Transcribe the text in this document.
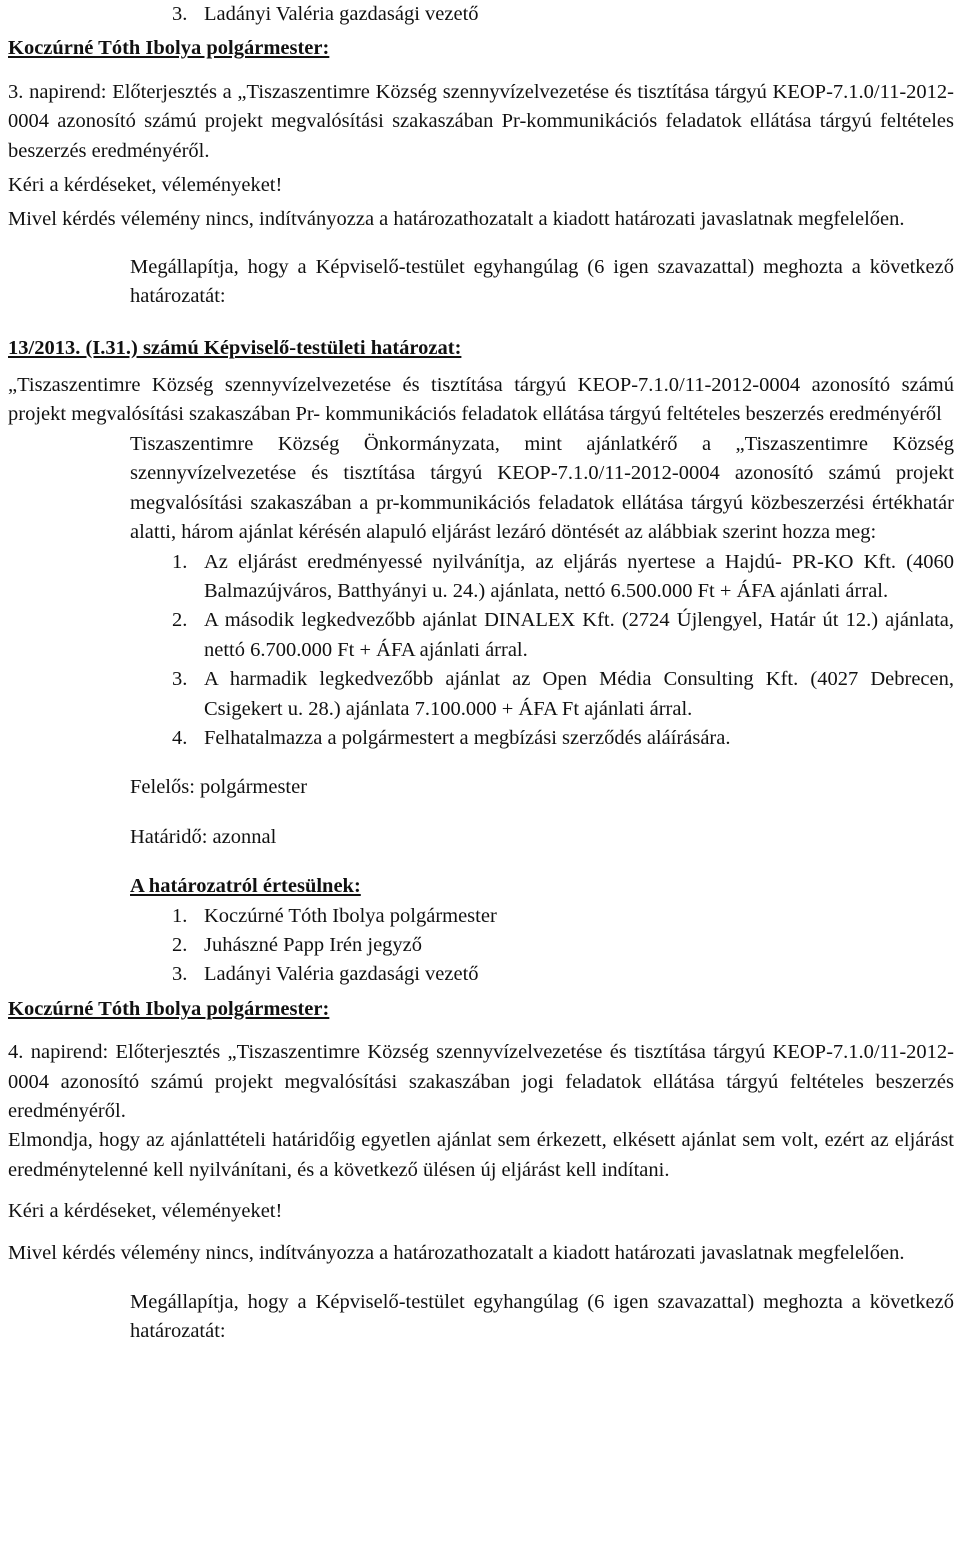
3. Ladányi Valéria gazdasági vezető

Koczúrné Tóth Ibolya polgármester:

3. napirend: Előterjesztés a „Tiszaszentimre Község szennyvízelvezetése és tisztítása tárgyú KEOP-7.1.0/11-2012-0004 azonosító számú projekt megvalósítási szakaszában Pr-kommunikációs feladatok ellátása tárgyú feltételes beszerzés eredményéről.

Kéri a kérdéseket, véleményeket!

Mivel kérdés vélemény nincs, indítványozza a határozathozatalt a kiadott határozati javaslatnak megfelelően.

Megállapítja, hogy a Képviselő-testület egyhangúlag (6 igen szavazattal) meghozta a következő határozatát:

13/2013. (I.31.) számú Képviselő-testületi határozat:

„Tiszaszentimre Község szennyvízelvezetése és tisztítása tárgyú KEOP-7.1.0/11-2012-0004 azonosító számú projekt megvalósítási szakaszában Pr- kommunikációs feladatok ellátása tárgyú feltételes beszerzés eredményéről

Tiszaszentimre Község Önkormányzata, mint ajánlatkérő a „Tiszaszentimre Község szennyvízelvezetése és tisztítása tárgyú KEOP-7.1.0/11-2012-0004 azonosító számú projekt megvalósítási szakaszában a pr-kommunikációs feladatok ellátása tárgyú közbeszerzési értékhatár alatti, három ajánlat kérésén alapuló eljárást lezáró döntését az alábbiak szerint hozza meg:

1. Az eljárást eredményessé nyilvánítja, az eljárás nyertese a Hajdú- PR-KO Kft. (4060 Balmazújváros, Batthyányi u. 24.) ajánlata, nettó 6.500.000 Ft + ÁFA ajánlati árral.
2. A második legkedvezőbb ajánlat DINALEX Kft. (2724 Újlengyel, Határ út 12.) ajánlata, nettó 6.700.000 Ft + ÁFA ajánlati árral.
3. A harmadik legkedvezőbb ajánlat az Open Média Consulting Kft. (4027 Debrecen, Csigekert u. 28.) ajánlata 7.100.000 + ÁFA Ft ajánlati árral.
4. Felhatalmazza a polgármestert a megbízási szerződés aláírására.

Felelős: polgármester

Határidő: azonnal

A határozatról értesülnek:

1. Koczúrné Tóth Ibolya polgármester
2. Juhászné Papp Irén jegyző
3. Ladányi Valéria gazdasági vezető

Koczúrné Tóth Ibolya polgármester:

4. napirend: Előterjesztés „Tiszaszentimre Község szennyvízelvezetése és tisztítása tárgyú KEOP-7.1.0/11-2012-0004 azonosító számú projekt megvalósítási szakaszában jogi feladatok ellátása tárgyú feltételes beszerzés eredményéről.

Elmondja, hogy az ajánlattételi határidőig egyetlen ajánlat sem érkezett, elkésett ajánlat sem volt, ezért az eljárást eredménytelenné kell nyilvánítani, és a következő ülésen új eljárást kell indítani.

Kéri a kérdéseket, véleményeket!

Mivel kérdés vélemény nincs, indítványozza a határozathozatalt a kiadott határozati javaslatnak megfelelően.

Megállapítja, hogy a Képviselő-testület egyhangúlag (6 igen szavazattal) meghozta a következő határozatát:
